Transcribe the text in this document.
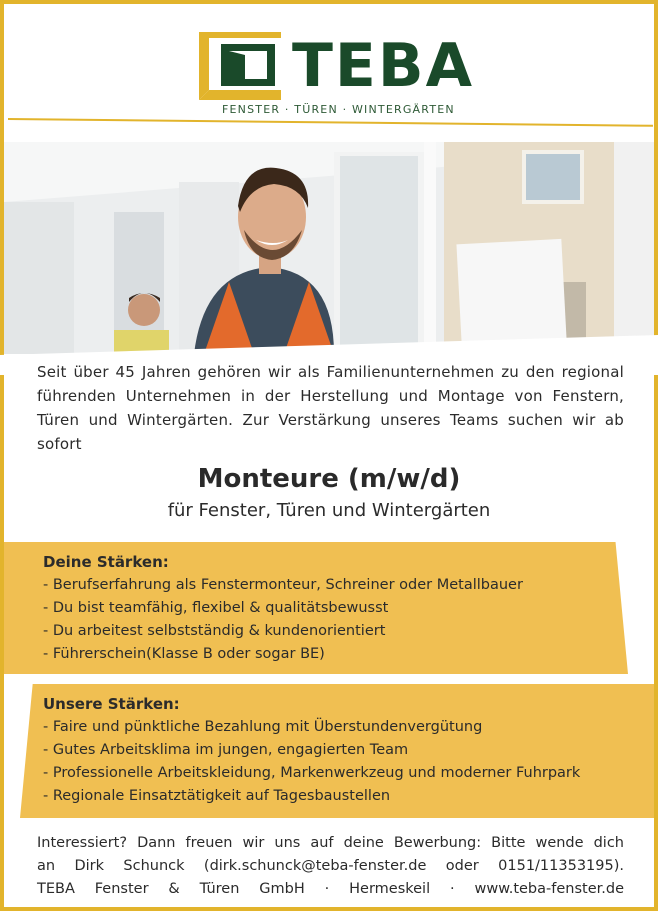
TEBA
FENSTER · TÜREN · WINTERGÄRTEN
Seit über 45 Jahren gehören wir als Familienunternehmen zu den regional führenden Unternehmen in der Herstellung und Montage von Fenstern, Türen und Wintergärten. Zur Verstärkung unseres Teams suchen wir ab sofort
Monteure (m/w/d)
für Fenster, Türen und Wintergärten
Deine Stärken:
- Berufserfahrung als Fenstermonteur, Schreiner oder Metallbauer
- Du bist teamfähig, flexibel & qualitätsbewusst
- Du arbeitest selbstständig & kundenorientiert
- Führerschein(Klasse B oder sogar BE)
Unsere Stärken:
- Faire und pünktliche Bezahlung mit Überstundenvergütung
- Gutes Arbeitsklima im jungen, engagierten Team
- Professionelle Arbeitskleidung, Markenwerkzeug und moderner Fuhrpark
- Regionale Einsatztätigkeit auf Tagesbaustellen
Interessiert? Dann freuen wir uns auf deine Bewerbung: Bitte wende dich
an Dirk Schunck (dirk.schunck@teba-fenster.de oder 0151/11353195).
TEBA Fenster & Türen GmbH · Hermeskeil · www.teba-fenster.de
